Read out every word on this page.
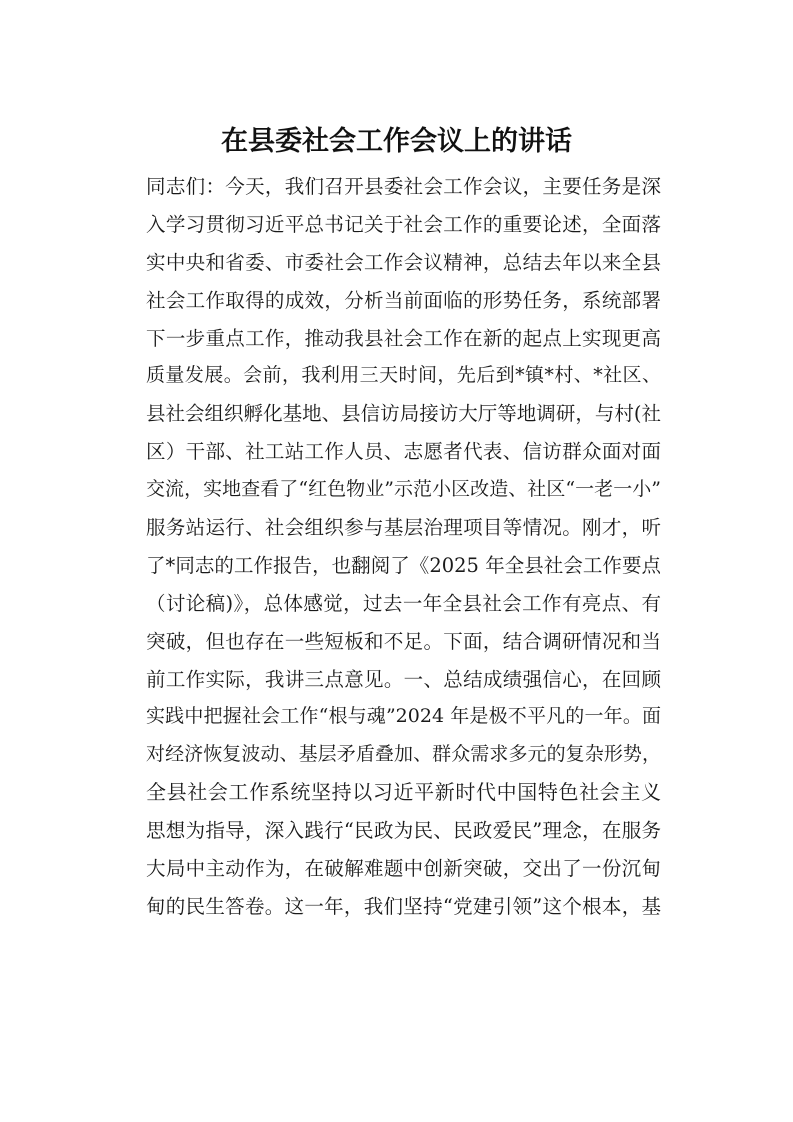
在县委社会工作会议上的讲话
同志们：今天，我们召开县委社会工作会议，主要任务是深
入学习贯彻习近平总书记关于社会工作的重要论述，全面落
实中央和省委、市委社会工作会议精神，总结去年以来全县
社会工作取得的成效，分析当前面临的形势任务，系统部署
下一步重点工作，推动我县社会工作在新的起点上实现更高
质量发展。会前，我利用三天时间，先后到*镇*村、*社区、
县社会组织孵化基地、县信访局接访大厅等地调研，与村(社
区）干部、社工站工作人员、志愿者代表、信访群众面对面
交流，实地查看了“红色物业”示范小区改造、社区“一老一小”
服务站运行、社会组织参与基层治理项目等情况。刚才，听
了*同志的工作报告，也翻阅了《2025 年全县社会工作要点
（讨论稿)》，总体感觉，过去一年全县社会工作有亮点、有
突破，但也存在一些短板和不足。下面，结合调研情况和当
前工作实际，我讲三点意见。一、总结成绩强信心，在回顾
实践中把握社会工作“根与魂”2024 年是极不平凡的一年。面
对经济恢复波动、基层矛盾叠加、群众需求多元的复杂形势，
全县社会工作系统坚持以习近平新时代中国特色社会主义
思想为指导，深入践行“民政为民、民政爱民”理念，在服务
大局中主动作为，在破解难题中创新突破，交出了一份沉甸
甸的民生答卷。这一年，我们坚持“党建引领”这个根本，基
